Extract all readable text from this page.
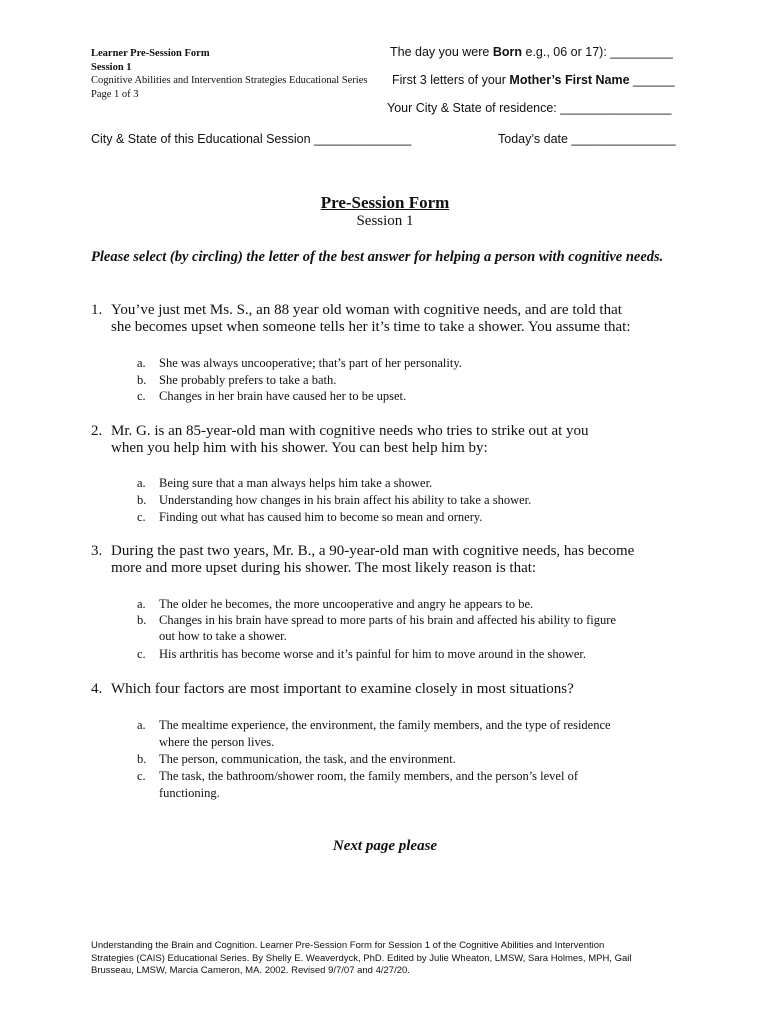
Learner Pre-Session Form
Session 1
Cognitive Abilities and Intervention Strategies Educational Series
Page 1 of 3
The day you were Born e.g., 06 or 17): _________
First 3 letters of your Mother’s First Name ______
Your City & State of residence: ________________
City & State of this Educational Session ______________	Today’s date _______________
Pre-Session Form
Session 1
Please select (by circling) the letter of the best answer for helping a person with cognitive needs.
1. You’ve just met Ms. S., an 88 year old woman with cognitive needs, and are told that
she becomes upset when someone tells her it’s time to take a shower. You assume that:
a. She was always uncooperative; that’s part of her personality.
b. She probably prefers to take a bath.
c. Changes in her brain have caused her to be upset.
2. Mr. G. is an 85-year-old man with cognitive needs who tries to strike out at you
when you help him with his shower. You can best help him by:
a. Being sure that a man always helps him take a shower.
b. Understanding how changes in his brain affect his ability to take a shower.
c. Finding out what has caused him to become so mean and ornery.
3. During the past two years, Mr. B., a 90-year-old man with cognitive needs, has become
more and more upset during his shower. The most likely reason is that:
a. The older he becomes, the more uncooperative and angry he appears to be.
b. Changes in his brain have spread to more parts of his brain and affected his ability to figure
out how to take a shower.
c. His arthritis has become worse and it’s painful for him to move around in the shower.
4. Which four factors are most important to examine closely in most situations?
a. The mealtime experience, the environment, the family members, and the type of residence
where the person lives.
b. The person, communication, the task, and the environment.
c. The task, the bathroom/shower room, the family members, and the person’s level of
functioning.
Next page please
Understanding the Brain and Cognition. Learner Pre-Session Form for Session 1 of the Cognitive Abilities and Intervention
Strategies (CAIS) Educational Series. By Shelly E. Weaverdyck, PhD. Edited by Julie Wheaton, LMSW, Sara Holmes, MPH, Gail
Brusseau, LMSW, Marcia Cameron, MA. 2002. Revised 9/7/07 and 4/27/20.
